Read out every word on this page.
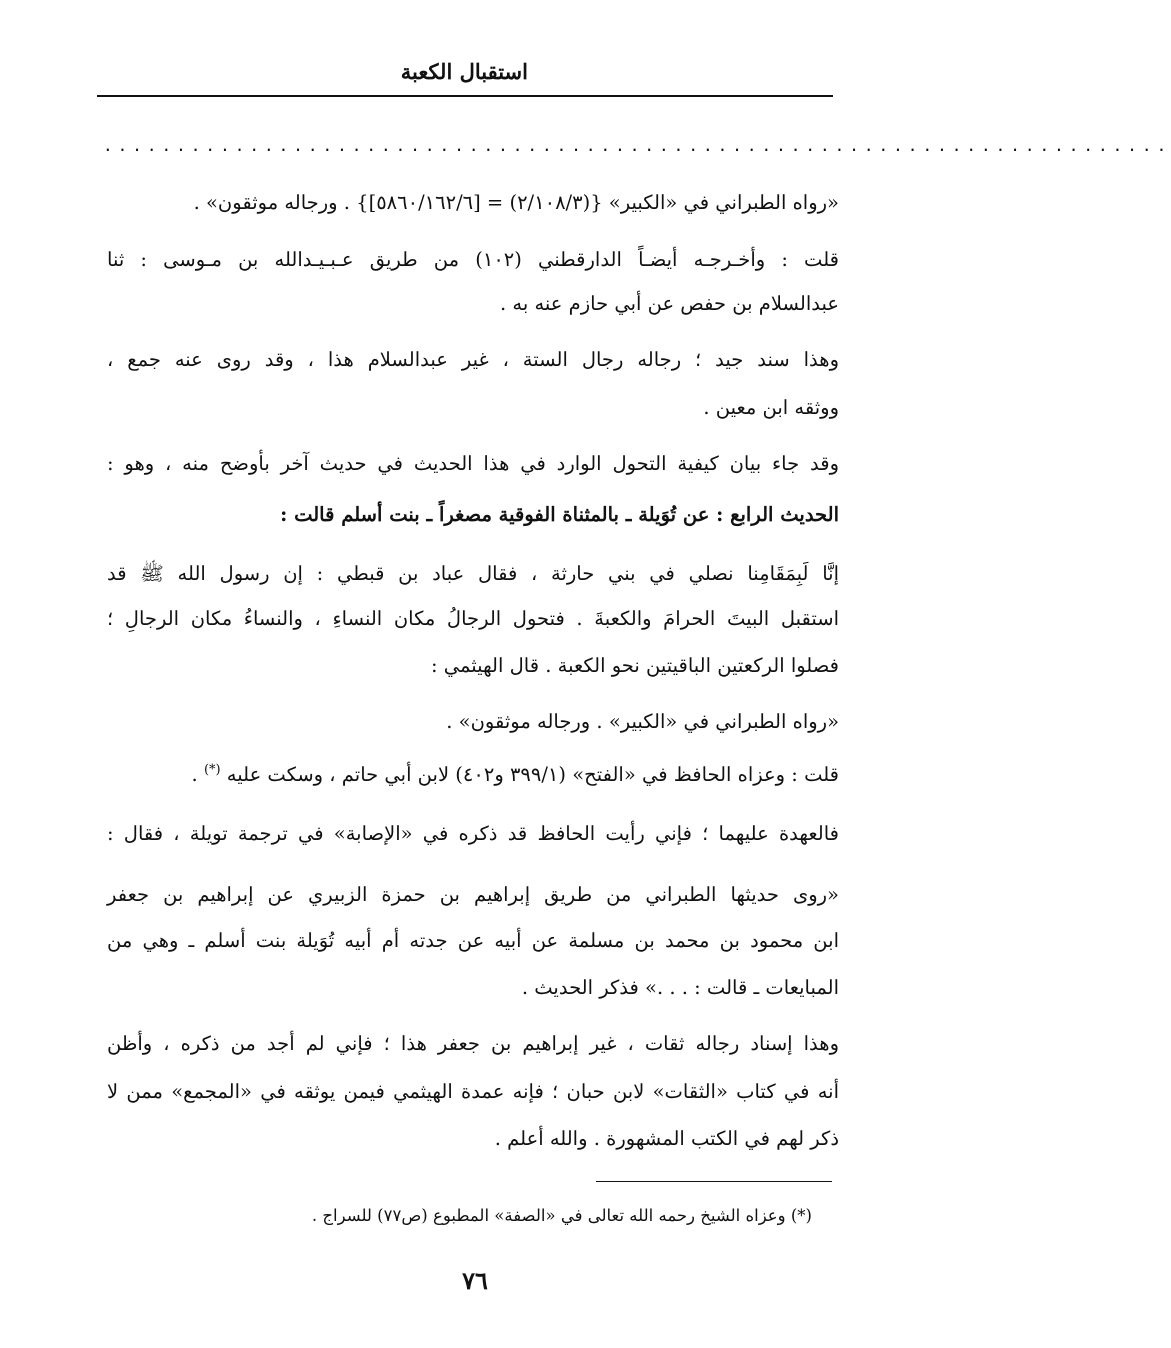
استقبال الكعبة
.........................................................................
«رواه الطبراني في «الكبير» {(٢/١٠٨/٣) = [٥٨٦٠/١٦٢/٦]} . ورجاله موثقون» .
قلت : وأخـرجـه أيضـاً الدارقطني (١٠٢) من طريق عـبـيـدالله بن مـوسى : ثنا
عبدالسلام بن حفص عن أبي حازم عنه به .
وهذا سند جيد ؛ رجاله رجال الستة ، غير عبدالسلام هذا ، وقد روى عنه جمع ،
ووثقه ابن معين .
وقد جاء بيان كيفية التحول الوارد في هذا الحديث في حديث آخر بأوضح منه ، وهو :
الحديث الرابع : عن تُوَيلة ـ بالمثناة الفوقية مصغراً ـ بنت أسلم قالت :
إنَّا لَبِمَقَامِنا نصلي في بني حارثة ، فقال عباد بن قبطي : إن رسول الله ﷺ قد
استقبل البيتَ الحرامَ والكعبةَ . فتحول الرجالُ مكان النساءِ ، والنساءُ مكان الرجالِ ؛
فصلوا الركعتين الباقيتين نحو الكعبة . قال الهيثمي :
«رواه الطبراني في «الكبير» . ورجاله موثقون» .
قلت : وعزاه الحافظ في «الفتح» (٣٩٩/١ و٤٠٢) لابن أبي حاتم ، وسكت عليه (*) .
فالعهدة عليهما ؛ فإني رأيت الحافظ قد ذكره في «الإصابة» في ترجمة تويلة ، فقال :
«روى حديثها الطبراني من طريق إبراهيم بن حمزة الزبيري عن إبراهيم بن جعفر
ابن محمود بن محمد بن مسلمة عن أبيه عن جدته أم أبيه تُوَيلة بنت أسلم ـ وهي من
المبايعات ـ قالت : . . .» فذكر الحديث .
وهذا إسناد رجاله ثقات ، غير إبراهيم بن جعفر هذا ؛ فإني لم أجد من ذكره ، وأظن
أنه في كتاب «الثقات» لابن حبان ؛ فإنه عمدة الهيثمي فيمن يوثقه في «المجمع» ممن لا
ذكر لهم في الكتب المشهورة . والله أعلم .
(*) وعزاه الشيخ رحمه الله تعالى في «الصفة» المطبوع (ص٧٧) للسراج .
٧٦
